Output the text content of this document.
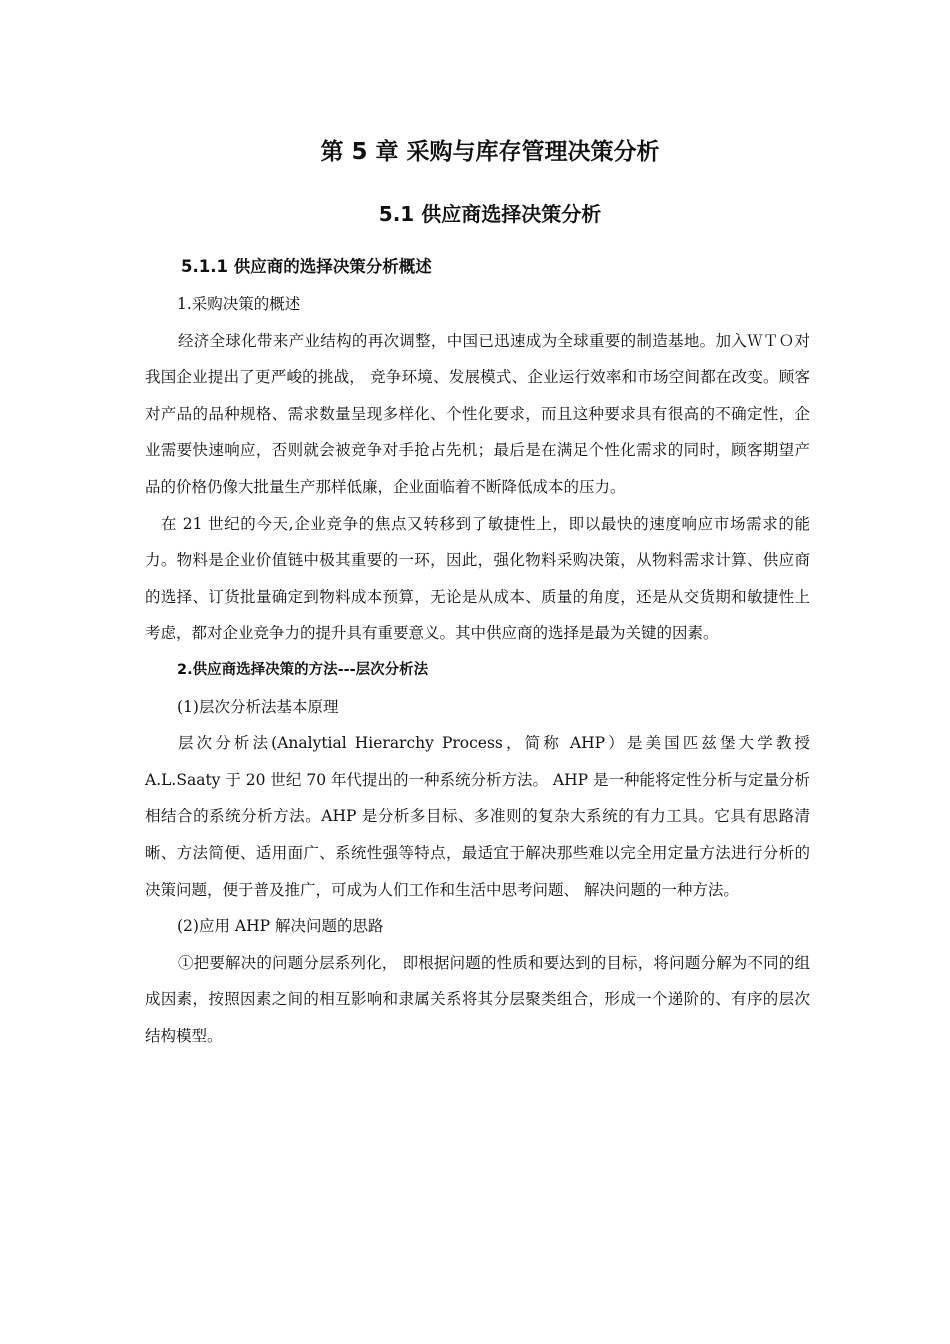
第 5 章 采购与库存管理决策分析
5.1 供应商选择决策分析
5.1.1 供应商的选择决策分析概述

1.采购决策的概述

经济全球化带来产业结构的再次调整，中国已迅速成为全球重要的制造基地。加入ＷＴＯ对我国企业提出了更严峻的挑战， 竞争环境、发展模式、企业运行效率和市场空间都在改变。顾客对产品的品种规格、需求数量呈现多样化、个性化要求，而且这种要求具有很高的不确定性，企业需要快速响应，否则就会被竞争对手抢占先机；最后是在满足个性化需求的同时，顾客期望产品的价格仍像大批量生产那样低廉，企业面临着不断降低成本的压力。

在 21 世纪的今天,企业竞争的焦点又转移到了敏捷性上，即以最快的速度响应市场需求的能力。物料是企业价值链中极其重要的一环，因此，强化物料采购决策，从物料需求计算、供应商的选择、订货批量确定到物料成本预算，无论是从成本、质量的角度，还是从交货期和敏捷性上考虑，都对企业竞争力的提升具有重要意义。其中供应商的选择是最为关键的因素。

2.供应商选择决策的方法---层次分析法

(1)层次分析法基本原理

层次分析法(Analytial Hierarchy Process，简称 AHP）是美国匹兹堡大学教授 A.L.Saaty 于 20 世纪 70 年代提出的一种系统分析方法。 AHP 是一种能将定性分析与定量分析相结合的系统分析方法。AHP 是分析多目标、多准则的复杂大系统的有力工具。它具有思路清晰、方法简便、适用面广、系统性强等特点，最适宜于解决那些难以完全用定量方法进行分析的决策问题，便于普及推广，可成为人们工作和生活中思考问题、 解决问题的一种方法。

(2)应用 AHP 解决问题的思路

①把要解决的问题分层系列化， 即根据问题的性质和要达到的目标，将问题分解为不同的组成因素，按照因素之间的相互影响和隶属关系将其分层聚类组合，形成一个递阶的、有序的层次结构模型。
